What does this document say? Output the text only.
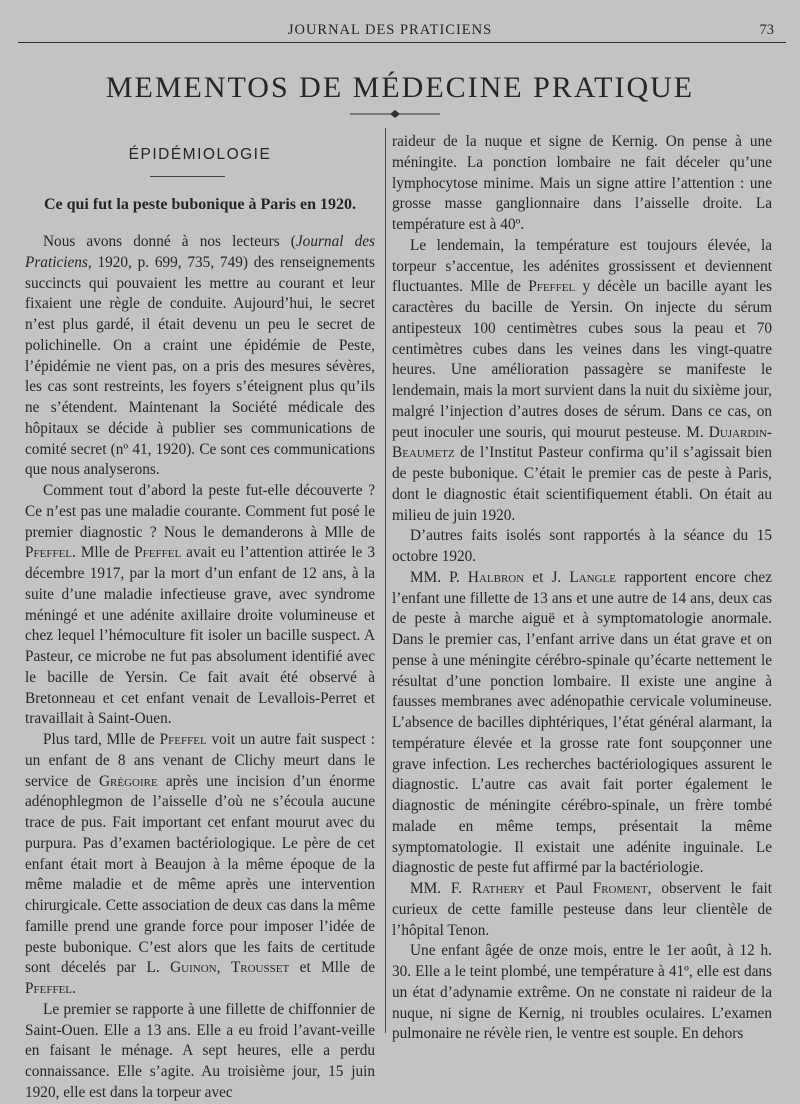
JOURNAL DES PRATICIENS	73
MEMENTOS DE MÉDECINE PRATIQUE
ÉPIDÉMIOLOGIE
Ce qui fut la peste bubonique à Paris en 1920.

Nous avons donné à nos lecteurs (Journal des Praticiens, 1920, p. 699, 735, 749) des renseignements succincts qui pouvaient les mettre au courant et leur fixaient une règle de conduite. Aujourd’hui, le secret n’est plus gardé, il était devenu un peu le secret de polichinelle. On a craint une épidémie de Peste, l’épidémie ne vient pas, on a pris des mesures sévères, les cas sont restreints, les foyers s’éteignent plus qu’ils ne s’étendent. Maintenant la Société médicale des hôpitaux se décide à publier ses communications de comité secret (nº 41, 1920). Ce sont ces communications que nous analyserons.

Comment tout d’abord la peste fut-elle découverte ? Ce n’est pas une maladie courante. Comment fut posé le premier diagnostic ? Nous le demanderons à Mlle de Pfeffel. Mlle de Pfeffel avait eu l’attention attirée le 3 décembre 1917, par la mort d’un enfant de 12 ans, à la suite d’une maladie infectieuse grave, avec syndrome méningé et une adénite axillaire droite volumineuse et chez lequel l’hémoculture fit isoler un bacille suspect. A Pasteur, ce microbe ne fut pas absolument identifié avec le bacille de Yersin. Ce fait avait été observé à Bretonneau et cet enfant venait de Levallois-Perret et travaillait à Saint-Ouen.

Plus tard, Mlle de Pfeffel voit un autre fait suspect : un enfant de 8 ans venant de Clichy meurt dans le service de Grégoire après une incision d’un énorme adénophlegmon de l’aisselle d’où ne s’écoula aucune trace de pus. Fait important cet enfant mourut avec du purpura. Pas d’examen bactériologique. Le père de cet enfant était mort à Beaujon à la même époque de la même maladie et de même après une intervention chirurgicale. Cette association de deux cas dans la même famille prend une grande force pour imposer l’idée de peste bubonique. C’est alors que les faits de certitude sont décelés par L. Guinon, Trousset et Mlle de Pfeffel.

Le premier se rapporte à une fillette de chiffonnier de Saint-Ouen. Elle a 13 ans. Elle a eu froid l’avant-veille en faisant le ménage. A sept heures, elle a perdu connaissance. Elle s’agite. Au troisième jour, 15 juin 1920, elle est dans la torpeur avec

raideur de la nuque et signe de Kernig. On pense à une méningite. La ponction lombaire ne fait déceler qu’une lymphocytose minime. Mais un signe attire l’attention : une grosse masse ganglionnaire dans l’aisselle droite. La température est à 40º.

Le lendemain, la température est toujours élevée, la torpeur s’accentue, les adénites grossissent et deviennent fluctuantes. Mlle de Pfeffel y décèle un bacille ayant les caractères du bacille de Yersin. On injecte du sérum antipesteux 100 centimètres cubes sous la peau et 70 centimètres cubes dans les veines dans les vingt-quatre heures. Une amélioration passagère se manifeste le lendemain, mais la mort survient dans la nuit du sixième jour, malgré l’injection d’autres doses de sérum. Dans ce cas, on peut inoculer une souris, qui mourut pesteuse. M. Dujardin-Beaumetz de l’Institut Pasteur confirma qu’il s’agissait bien de peste bubonique. C’était le premier cas de peste à Paris, dont le diagnostic était scientifiquement établi. On était au milieu de juin 1920.

D’autres faits isolés sont rapportés à la séance du 15 octobre 1920.

MM. P. Halbron et J. Langle rapportent encore chez l’enfant une fillette de 13 ans et une autre de 14 ans, deux cas de peste à marche aiguë et à symptomatologie anormale. Dans le premier cas, l’enfant arrive dans un état grave et on pense à une méningite cérébro-spinale qu’écarte nettement le résultat d’une ponction lombaire. Il existe une angine à fausses membranes avec adénopathie cervicale volumineuse. L’absence de bacilles diphtériques, l’état général alarmant, la température élevée et la grosse rate font soupçonner une grave infection. Les recherches bactériologiques assurent le diagnostic. L’autre cas avait fait porter également le diagnostic de méningite cérébro-spinale, un frère tombé malade en même temps, présentait la même symptomatologie. Il existait une adénite inguinale. Le diagnostic de peste fut affirmé par la bactériologie.

MM. F. Rathery et Paul Froment, observent le fait curieux de cette famille pesteuse dans leur clientèle de l’hôpital Tenon.

Une enfant âgée de onze mois, entre le 1er août, à 12 h. 30. Elle a le teint plombé, une température à 41º, elle est dans un état d’adynamie extrême. On ne constate ni raideur de la nuque, ni signe de Kernig, ni troubles oculaires. L’examen pulmonaire ne révèle rien, le ventre est souple. En dehors
